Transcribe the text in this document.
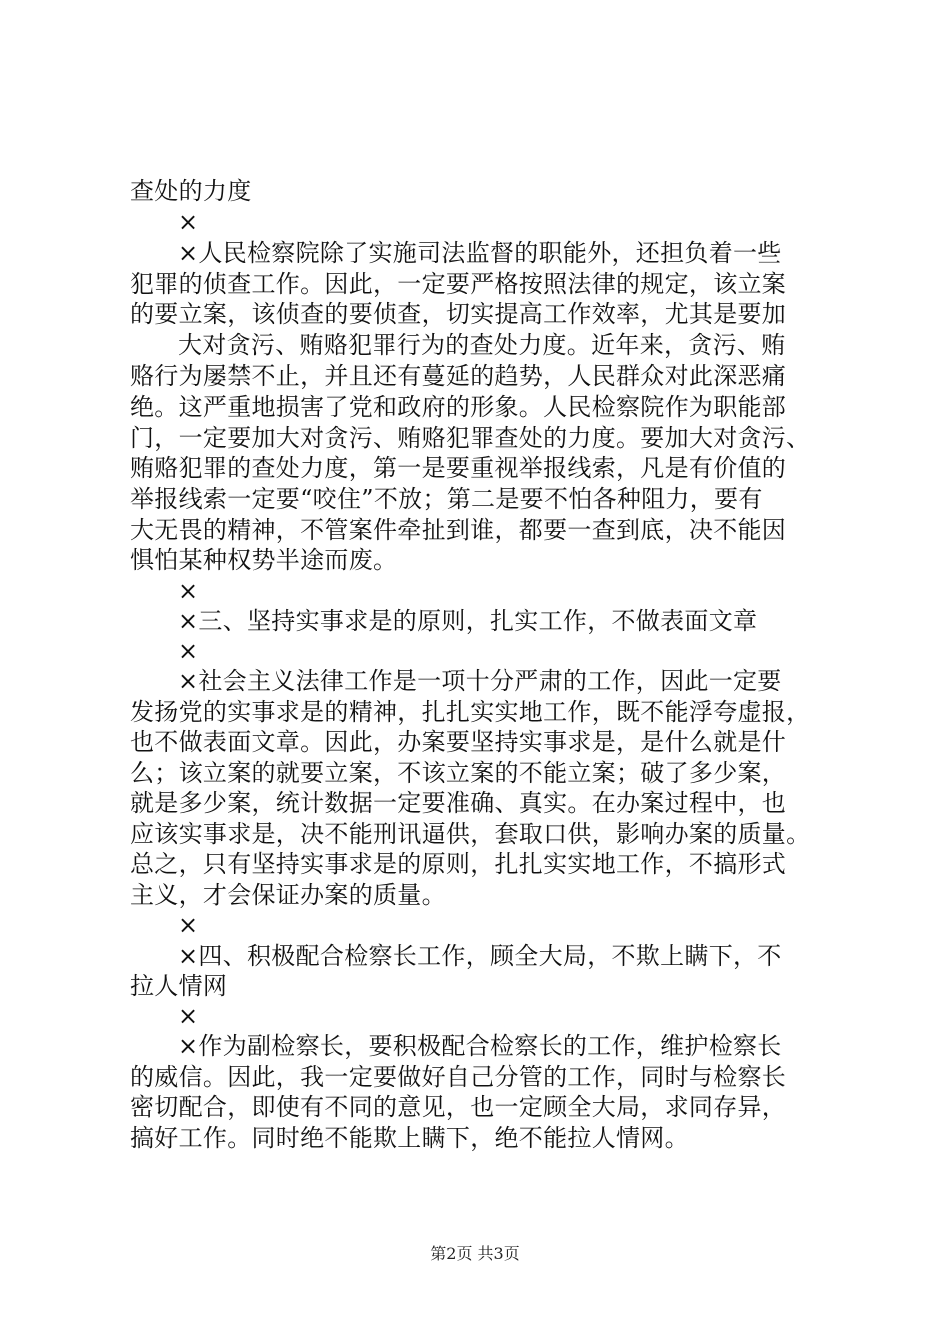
查处的力度
×
×人民检察院除了实施司法监督的职能外，还担负着一些
犯罪的侦查工作。因此，一定要严格按照法律的规定，该立案
的要立案，该侦查的要侦查，切实提高工作效率，尤其是要加
大对贪污、贿赂犯罪行为的查处力度。近年来，贪污、贿
赂行为屡禁不止，并且还有蔓延的趋势，人民群众对此深恶痛
绝。这严重地损害了党和政府的形象。人民检察院作为职能部
门，一定要加大对贪污、贿赂犯罪查处的力度。要加大对贪污、
贿赂犯罪的查处力度，第一是要重视举报线索，凡是有价值的
举报线索一定要“咬住”不放；第二是要不怕各种阻力，要有
大无畏的精神，不管案件牵扯到谁，都要一查到底，决不能因
惧怕某种权势半途而废。
×
×三、坚持实事求是的原则，扎实工作，不做表面文章
×
×社会主义法律工作是一项十分严肃的工作，因此一定要
发扬党的实事求是的精神，扎扎实实地工作，既不能浮夸虚报，
也不做表面文章。因此，办案要坚持实事求是，是什么就是什
么；该立案的就要立案，不该立案的不能立案；破了多少案，
就是多少案，统计数据一定要准确、真实。在办案过程中，也
应该实事求是，决不能刑讯逼供，套取口供，影响办案的质量。
总之，只有坚持实事求是的原则，扎扎实实地工作，不搞形式
主义，才会保证办案的质量。
×
×四、积极配合检察长工作，顾全大局，不欺上瞒下，不
拉人情网
×
×作为副检察长，要积极配合检察长的工作，维护检察长
的威信。因此，我一定要做好自己分管的工作，同时与检察长
密切配合，即使有不同的意见，也一定顾全大局，求同存异，
搞好工作。同时绝不能欺上瞒下，绝不能拉人情网。
第2页 共3页
